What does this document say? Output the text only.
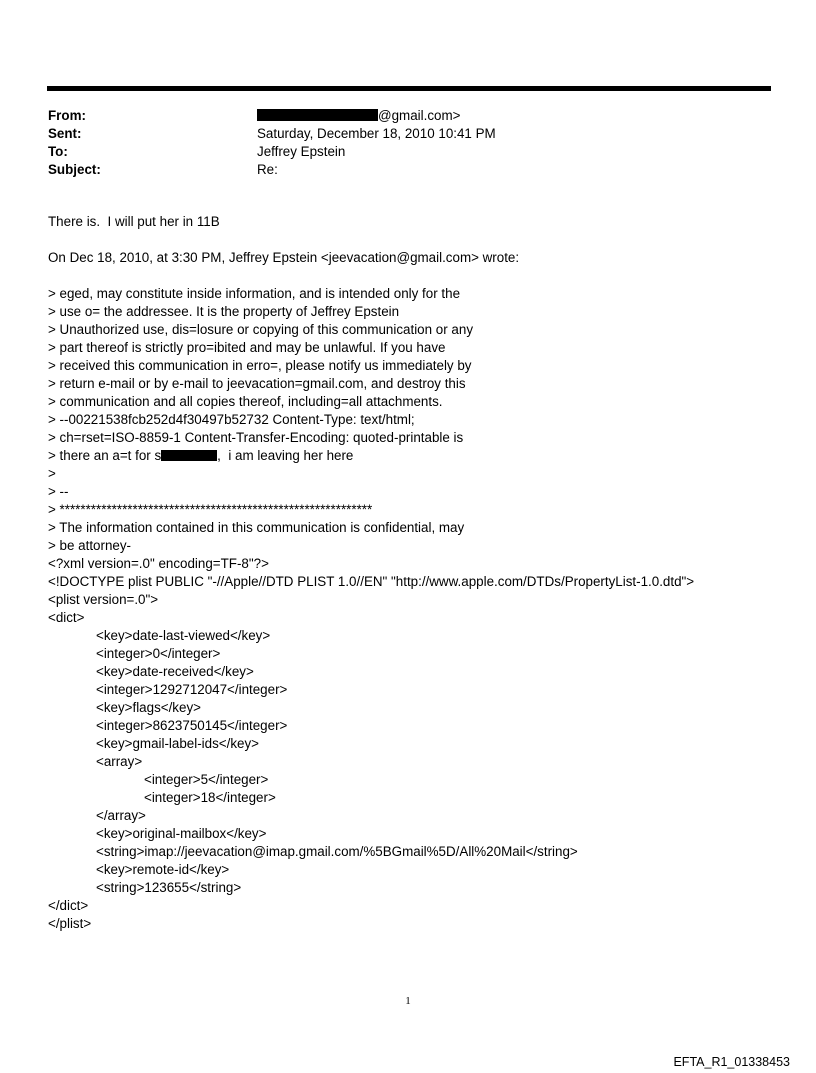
From:	@gmail.com>
Sent:	Saturday, December 18, 2010 10:41 PM
To:	Jeffrey Epstein
Subject:	Re:
There is.  I will put her in 11B
On Dec 18, 2010, at 3:30 PM, Jeffrey Epstein <jeevacation@gmail.com> wrote:
> eged, may constitute inside information, and is intended only for the
> use o= the addressee. It is the property of Jeffrey Epstein
> Unauthorized use, dis=losure or copying of this communication or any
> part thereof is strictly pro=ibited and may be unlawful. If you have
> received this communication in erro=, please notify us immediately by
> return e-mail or by e-mail to jeevacation=gmail.com, and destroy this
> communication and all copies thereof, including=all attachments.
> --00221538fcb252d4f30497b52732 Content-Type: text/html;
> ch=rset=ISO-8859-1 Content-Transfer-Encoding: quoted-printable is
> there an a=t for s	,  i am leaving her here
>
> --
> ************************************************************
> The information contained in this communication is confidential, may
> be attorney-
<?xml version=.0" encoding=TF-8"?>
<!DOCTYPE plist PUBLIC "-//Apple//DTD PLIST 1.0//EN" "http://www.apple.com/DTDs/PropertyList-1.0.dtd">
<plist version=.0">
<dict>
<key>date-last-viewed</key>
<integer>0</integer>
<key>date-received</key>
<integer>1292712047</integer>
<key>flags</key>
<integer>8623750145</integer>
<key>gmail-label-ids</key>
<array>
<integer>5</integer>
<integer>18</integer>
</array>
<key>original-mailbox</key>
<string>imap://jeevacation@imap.gmail.com/%5BGmail%5D/All%20Mail</string>
<key>remote-id</key>
<string>123655</string>
</dict>
</plist>
1
EFTA_R1_01338453
